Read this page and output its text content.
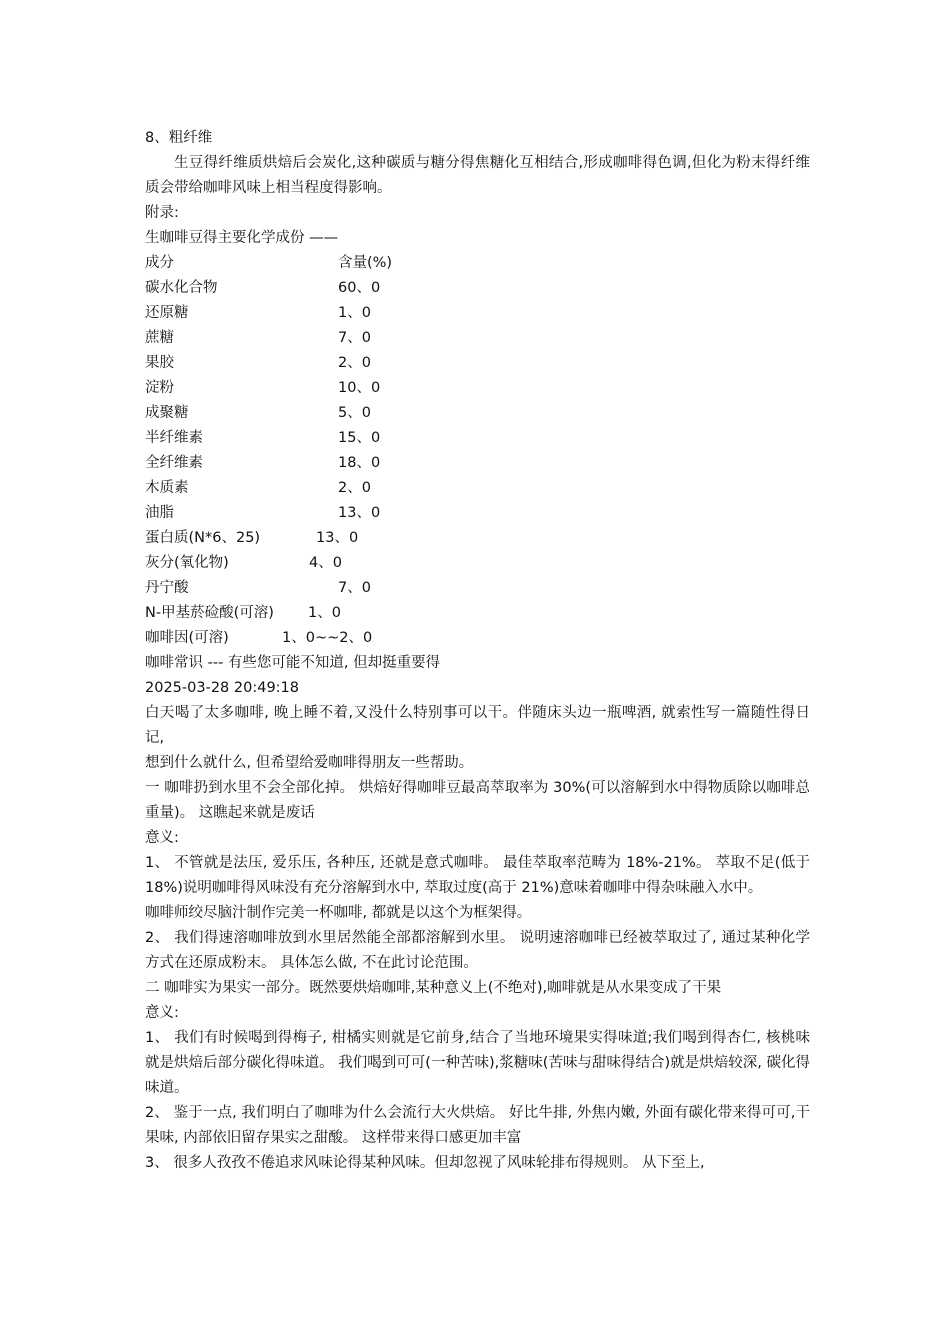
8、粗纤维
生豆得纤维质烘焙后会炭化,这种碳质与糖分得焦糖化互相结合,形成咖啡得色调,但化为粉末得纤维质会带给咖啡风味上相当程度得影响。
附录:
生咖啡豆得主要化学成份 ——
成分	含量(%)
碳水化合物	60、0
还原糖	1、0
蔗糖	7、0
果胶	2、0
淀粉	10、0
成聚糖	5、0
半纤维素	15、0
全纤维素	18、0
木质素	2、0
油脂	13、0
蛋白质(N*6、25)	13、0
灰分(氧化物)	4、0
丹宁酸	7、0
N-甲基菸硷酸(可溶)	1、0
咖啡因(可溶)	1、0~~2、0
咖啡常识 --- 有些您可能不知道, 但却挺重要得
2025-03-28 20:49:18
白天喝了太多咖啡, 晚上睡不着,又没什么特别事可以干。伴随床头边一瓶啤酒, 就索性写一篇随性得日记,
想到什么就什么, 但希望给爱咖啡得朋友一些帮助。
一 咖啡扔到水里不会全部化掉。 烘焙好得咖啡豆最高萃取率为 30%(可以溶解到水中得物质除以咖啡总重量)。 这瞧起来就是废话
意义:
1、 不管就是法压, 爱乐压, 各种压, 还就是意式咖啡。 最佳萃取率范畴为 18%-21%。 萃取不足(低于 18%)说明咖啡得风味没有充分溶解到水中, 萃取过度(高于 21%)意味着咖啡中得杂味融入水中。
咖啡师绞尽脑汁制作完美一杯咖啡, 都就是以这个为框架得。
2、 我们得速溶咖啡放到水里居然能全部都溶解到水里。 说明速溶咖啡已经被萃取过了, 通过某种化学方式在还原成粉末。 具体怎么做, 不在此讨论范围。
二 咖啡实为果实一部分。既然要烘焙咖啡,某种意义上(不绝对),咖啡就是从水果变成了干果
意义:
1、 我们有时候喝到得梅子, 柑橘实则就是它前身,结合了当地环境果实得味道;我们喝到得杏仁, 核桃味就是烘焙后部分碳化得味道。 我们喝到可可(一种苦味),浆糖味(苦味与甜味得结合)就是烘焙较深, 碳化得味道。
2、 鉴于一点, 我们明白了咖啡为什么会流行大火烘焙。 好比牛排, 外焦内嫩, 外面有碳化带来得可可,干果味, 内部依旧留存果实之甜酸。 这样带来得口感更加丰富
3、 很多人孜孜不倦追求风味论得某种风味。但却忽视了风味轮排布得规则。 从下至上,
